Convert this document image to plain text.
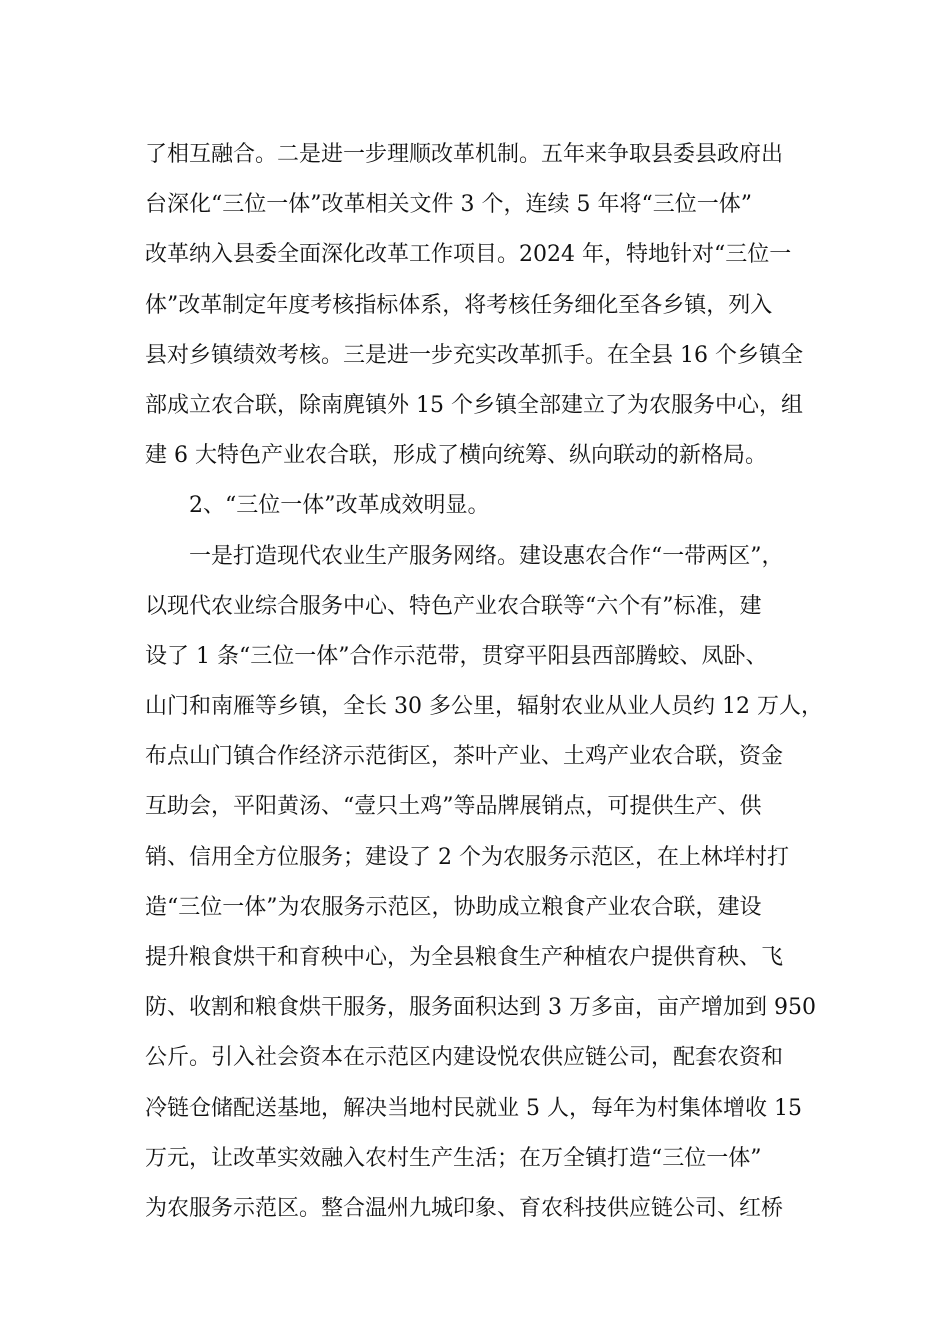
了相互融合。二是进一步理顺改革机制。五年来争取县委县政府出
台深化“三位一体”改革相关文件 3 个，连续 5 年将“三位一体”
改革纳入县委全面深化改革工作项目。2024 年，特地针对“三位一
体”改革制定年度考核指标体系，将考核任务细化至各乡镇，列入
县对乡镇绩效考核。三是进一步充实改革抓手。在全县 16 个乡镇全
部成立农合联，除南麂镇外 15 个乡镇全部建立了为农服务中心，组
建 6 大特色产业农合联，形成了横向统筹、纵向联动的新格局。
2、“三位一体”改革成效明显。
一是打造现代农业生产服务网络。建设惠农合作“一带两区”，
以现代农业综合服务中心、特色产业农合联等“六个有”标准，建
设了 1 条“三位一体”合作示范带，贯穿平阳县西部腾蛟、凤卧、
山门和南雁等乡镇，全长 30 多公里，辐射农业从业人员约 12 万人，
布点山门镇合作经济示范街区，茶叶产业、土鸡产业农合联，资金
互助会，平阳黄汤、“壹只土鸡”等品牌展销点，可提供生产、供
销、信用全方位服务；建设了 2 个为农服务示范区，在上林垟村打
造“三位一体”为农服务示范区，协助成立粮食产业农合联，建设
提升粮食烘干和育秧中心，为全县粮食生产种植农户提供育秧、飞
防、收割和粮食烘干服务，服务面积达到 3 万多亩，亩产增加到 950
公斤。引入社会资本在示范区内建设悦农供应链公司，配套农资和
冷链仓储配送基地，解决当地村民就业 5 人，每年为村集体增收 15
万元，让改革实效融入农村生产生活；在万全镇打造“三位一体”
为农服务示范区。整合温州九城印象、育农科技供应链公司、红桥
